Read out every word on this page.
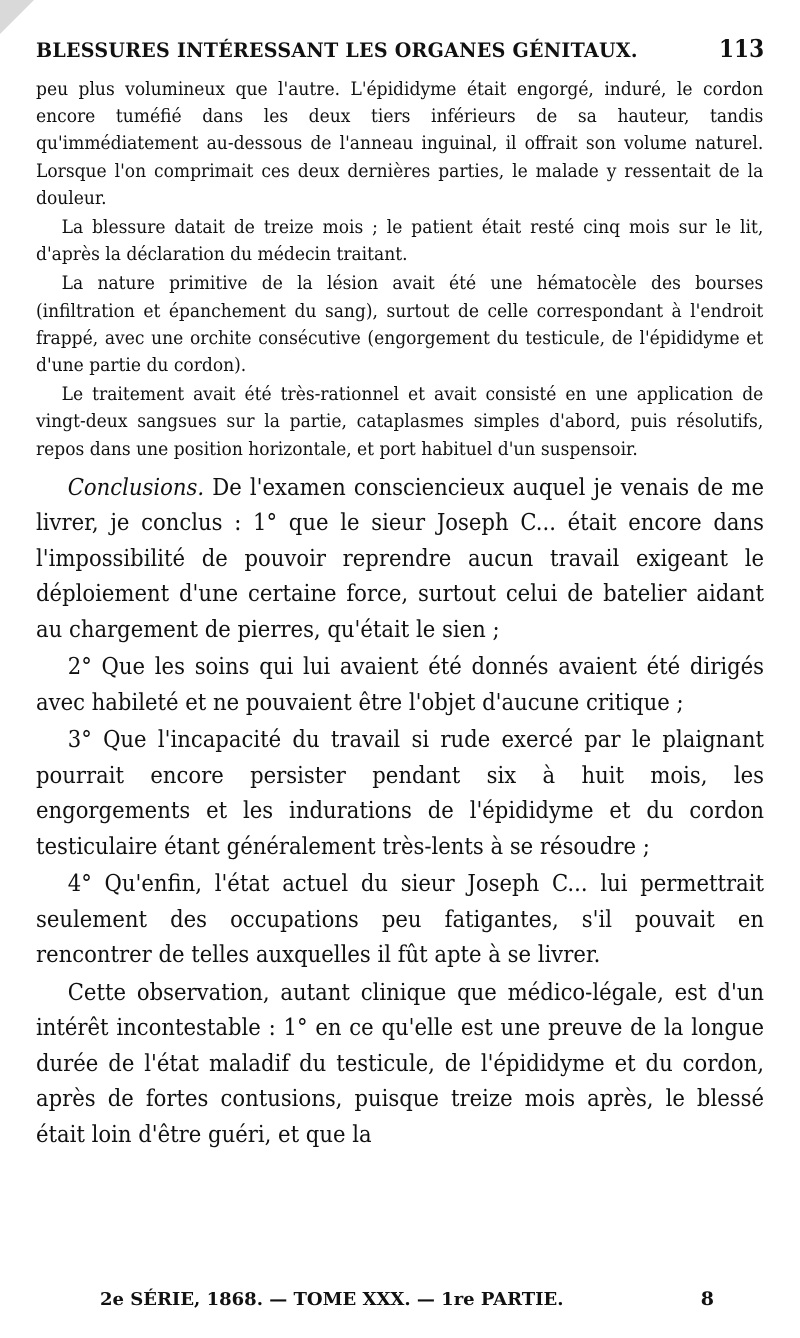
BLESSURES INTÉRESSANT LES ORGANES GÉNITAUX.	113

peu plus volumineux que l'autre. L'épididyme était engorgé, induré, le cordon encore tuméfié dans les deux tiers inférieurs de sa hauteur, tandis qu'immédiatement au-dessous de l'anneau inguinal, il offrait son volume naturel. Lorsque l'on comprimait ces deux dernières parties, le malade y ressentait de la douleur.

La blessure datait de treize mois ; le patient était resté cinq mois sur le lit, d'après la déclaration du médecin traitant.

La nature primitive de la lésion avait été une hématocèle des bourses (infiltration et épanchement du sang), surtout de celle correspondant à l'endroit frappé, avec une orchite consécutive (engorgement du testicule, de l'épididyme et d'une partie du cordon).

Le traitement avait été très-rationnel et avait consisté en une application de vingt-deux sangsues sur la partie, cataplasmes simples d'abord, puis résolutifs, repos dans une position horizontale, et port habituel d'un suspensoir.

Conclusions. De l'examen consciencieux auquel je venais de me livrer, je conclus : 1° que le sieur Joseph C... était encore dans l'impossibilité de pouvoir reprendre aucun travail exigeant le déploiement d'une certaine force, surtout celui de batelier aidant au chargement de pierres, qu'était le sien ;

2° Que les soins qui lui avaient été donnés avaient été dirigés avec habileté et ne pouvaient être l'objet d'aucune critique ;

3° Que l'incapacité du travail si rude exercé par le plaignant pourrait encore persister pendant six à huit mois, les engorgements et les indurations de l'épididyme et du cordon testiculaire étant généralement très-lents à se résoudre ;

4° Qu'enfin, l'état actuel du sieur Joseph C... lui permettrait seulement des occupations peu fatigantes, s'il pouvait en rencontrer de telles auxquelles il fût apte à se livrer.

Cette observation, autant clinique que médico-légale, est d'un intérêt incontestable : 1° en ce qu'elle est une preuve de la longue durée de l'état maladif du testicule, de l'épididyme et du cordon, après de fortes contusions, puisque treize mois après, le blessé était loin d'être guéri, et que la

2e SÉRIE, 1868. — TOME XXX. — 1re PARTIE.	8
